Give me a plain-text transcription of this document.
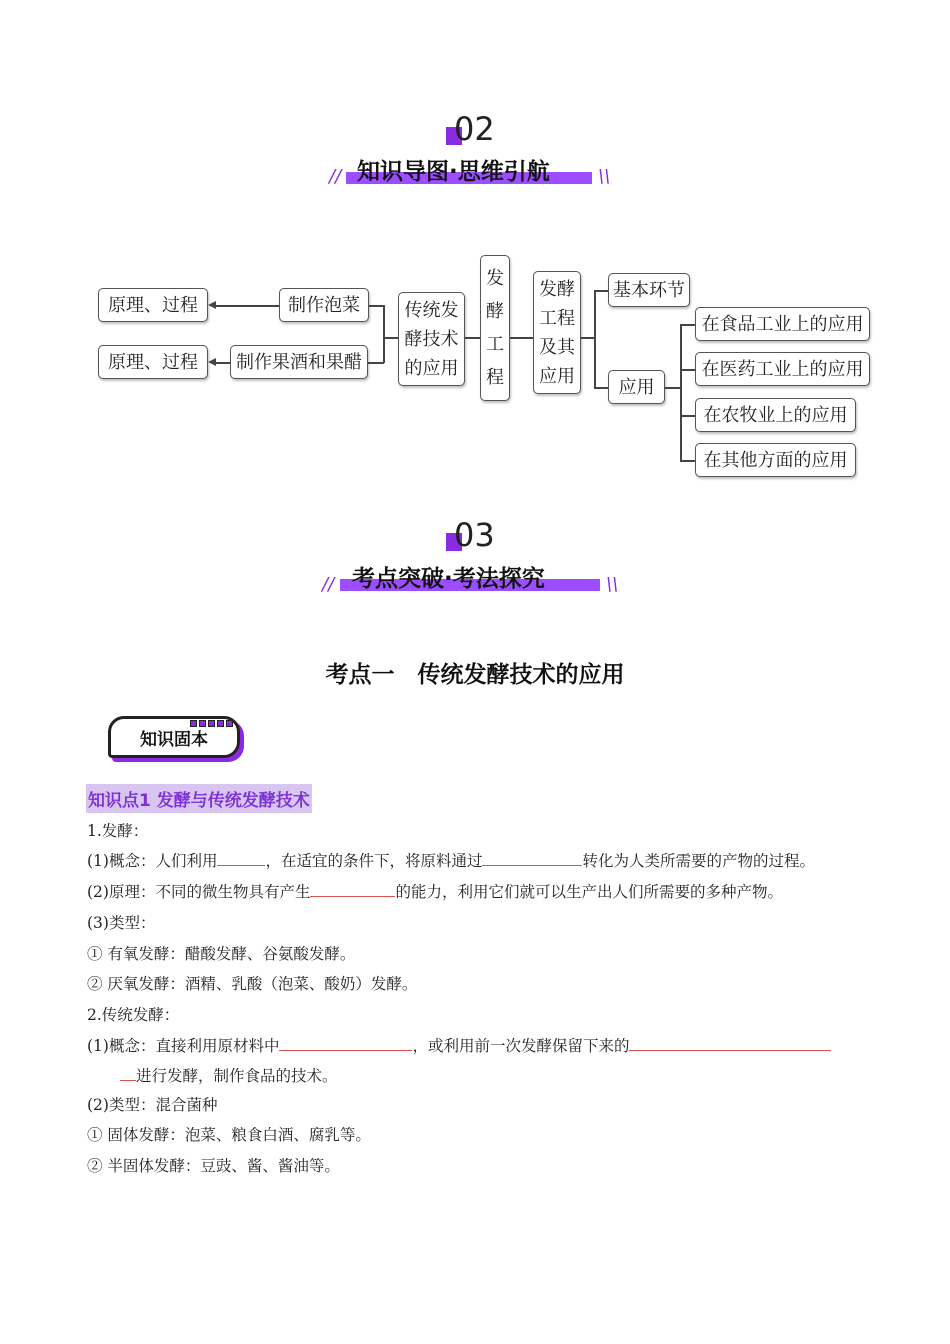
02
知识导图·思维引航
//	\\
原理、过程	制作泡菜
原理、过程	制作果酒和果醋
传统发
酵技术
的应用
发
酵
工
程
发酵
工程
及其
应用
基本环节
应用
在食品工业上的应用
在医药工业上的应用
在农牧业上的应用
在其他方面的应用
03
考点突破·考法探究
//	\\
考点一　传统发酵技术的应用
知识固本
知识点1 发酵与传统发酵技术
1.发酵：
(1)概念：人们利用	，在适宜的条件下，将原料通过	转化为人类所需要的产物的过程。
(2)原理：不同的微生物具有产生	的能力，利用它们就可以生产出人们所需要的多种产物。
(3)类型：
① 有氧发酵：醋酸发酵、谷氨酸发酵。
② 厌氧发酵：酒精、乳酸（泡菜、酸奶）发酵。
2.传统发酵：
(1)概念：直接利用原材料中	，或利用前一次发酵保留下来的
进行发酵，制作食品的技术。
(2)类型：混合菌种
① 固体发酵：泡菜、粮食白酒、腐乳等。
② 半固体发酵：豆豉、酱、酱油等。
